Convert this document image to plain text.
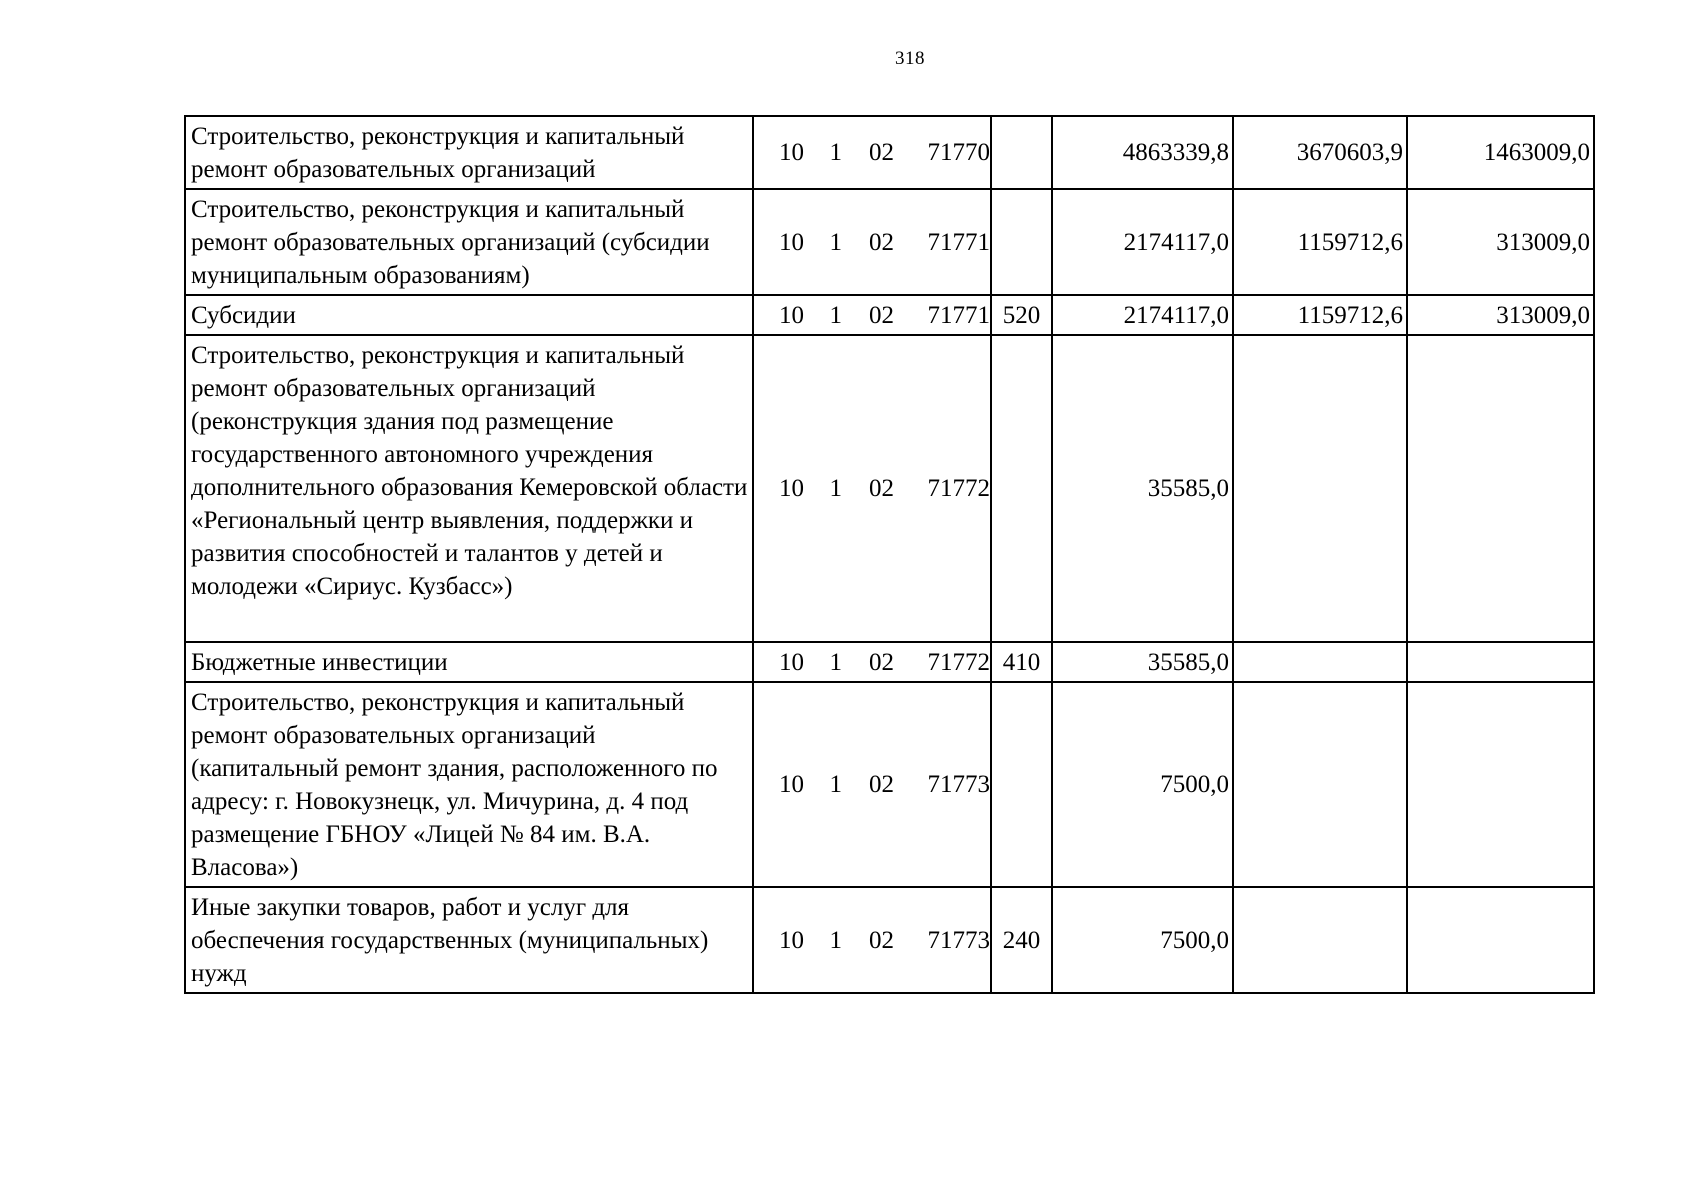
318
Строительство, реконструкция и капитальный ремонт образовательных организаций	10 1 02 71770		4863339,8	3670603,9	1463009,0
Строительство, реконструкция и капитальный ремонт образовательных организаций (субсидии муниципальным образованиям)	10 1 02 71771		2174117,0	1159712,6	313009,0
Субсидии	10 1 02 71771	520	2174117,0	1159712,6	313009,0
Строительство, реконструкция и капитальный ремонт образовательных организаций (реконструкция здания под размещение государственного автономного учреждения дополнительного образования Кемеровской области «Региональный центр выявления, поддержки и развития способностей и талантов у детей и молодежи «Сириус. Кузбасс»)	10 1 02 71772		35585,0		
Бюджетные инвестиции	10 1 02 71772	410	35585,0		
Строительство, реконструкция и капитальный ремонт образовательных организаций (капитальный ремонт здания, расположенного по адресу: г. Новокузнецк, ул. Мичурина, д. 4 под размещение ГБНОУ «Лицей № 84 им. В.А. Власова»)	10 1 02 71773		7500,0		
Иные закупки товаров, работ и услуг для обеспечения государственных (муниципальных) нужд	10 1 02 71773	240	7500,0		
